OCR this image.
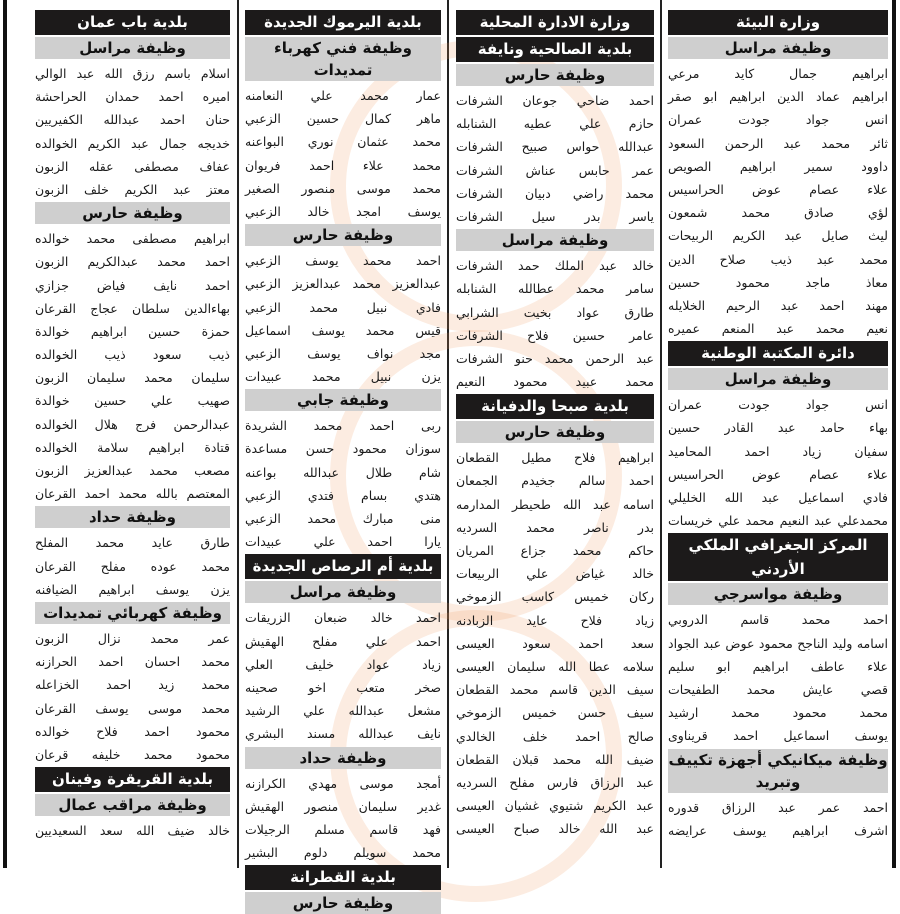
وزارة البيئة
وظيفة مراسل
ابراهيم جمال كايد مرعي
ابراهيم عماد الدين ابراهيم ابو صقر
انس جواد جودت عمران
ثائر محمد عبد الرحمن السعود
داوود سمير ابراهيم الصويص
علاء عصام عوض الحراسيس
لؤي صادق محمد شمعون
ليث صايل عبد الكريم الربيحات
محمد عبد ذيب صلاح الدين
معاذ ماجد محمود حسين
مهند احمد عبد الرحيم الخلايله
نعيم محمد عبد المنعم عميره
دائرة المكتبة الوطنية
وظيفة مراسل
انس جواد جودت عمران
بهاء حامد عبد القادر حسين
سفيان زياد احمد المحاميد
علاء عصام عوض الحراسيس
فادي اسماعيل عبد الله الخليلي
محمدعلي عبد النعيم محمد علي خريسات
المركز الجغرافي الملكي الأردني
وظيفة مواسرجي
احمد محمد قاسم الدروبي
اسامه وليد الناجح محمود عوض عبد الجواد
علاء عاطف ابراهيم ابو سليم
قصي عايش محمد الطفيحات
محمد محمود محمد ارشيد
يوسف اسماعيل احمد قريناوى
وظيفة ميكانيكي أجهزة تكييف وتبريد
احمد عمر عبد الرزاق قدوره
اشرف ابراهيم يوسف عرايضه
وزارة الادارة المحلية
بلدية الصالحية ونايفة
وظيفة حارس
احمد ضاحي جوعان الشرفات
حازم علي عطيه الشنابله
عبدالله حواس صبيح الشرفات
عمر حابس عناش الشرفات
محمد راضي دبيان الشرفات
ياسر بدر سيل الشرفات
وظيفة مراسل
خالد عبد الملك حمد الشرفات
سامر محمد عطالله الشنابله
طارق عواد بخيت الشرابي
عامر حسين فلاح الشرفات
عبد الرحمن محمد حنو الشرفات
محمد عبيد محمود النعيم
بلدية صبحا والدفيانة
وظيفة حارس
ابراهيم فلاح مطيل القطعان
احمد سالم جخيدم الجمعان
اسامه عبد الله طحيطر المدارمه
بدر ناصر محمد السرديه
حاكم محمد جزاع المريان
خالد غياض علي الربيعات
ركان خميس كاسب الزموخي
زياد فلاح عايد الزبادنه
سعد احمد سعود العيسى
سلامه عطا الله سليمان العيسى
سيف الدين قاسم محمد القطعان
سيف حسن خميس الزموخي
صالح احمد خلف الخالدي
ضيف الله محمد قبلان القطعان
عبد الرزاق فارس مفلح السرديه
عبد الكريم شتيوي غشيان العيسى
عبد الله خالد صباح العيسى
بلدية اليرموك الجديدة
وظيفة فني كهرباء تمديدات
عمار محمد علي النعامنه
ماهر كمال حسين الزعبي
محمد عثمان نوري البواعنه
محمد علاء احمد فريوان
محمد موسى منصور الصغير
يوسف امجد خالد الزعبي
وظيفة حارس
احمد محمد يوسف الزعبي
عبدالعزيز محمد عبدالعزيز الزعبي
فادي نبيل محمد الزعبي
قيس محمد يوسف اسماعيل
مجد نواف يوسف الزعبي
يزن نبيل محمد عبيدات
وظيفة جابي
ربى احمد محمد الشريدة
سوزان محمود حسن مساعدة
شام طلال عبدالله بواعنه
هتدي بسام فتدي الزعبي
منى مبارك محمد الزعبي
يارا احمد علي عبيدات
بلدية أم الرصاص الجديدة
وظيفة مراسل
احمد خالد ضبعان الزريقات
احمد علي مفلح الهقيش
زياد عواد خليف العلي
صخر متعب اخو صحينه
مشعل عبدالله علي الرشيد
نايف عبدالله مسند البشري
وظيفة حداد
أمجد موسى مهدي الكرازنه
غدير سليمان منصور الهقيش
فهد قاسم مسلم الرجيلات
محمد سويلم دلوم البشير
بلدية القطرانة
وظيفة حارس
بلدية باب عمان
وظيفة مراسل
اسلام باسم رزق الله عبد الوالي
اميره احمد حمدان الحراحشة
حنان احمد عبدالله الكفيريين
خديجه جمال عبد الكريم الخوالده
عفاف مصطفى عقله الزبون
معتز عبد الكريم خلف الزبون
وظيفة حارس
ابراهيم مصطفى محمد خوالده
احمد محمد عبدالكريم الزبون
احمد نايف فياض جزازي
بهاءالدين سلطان عجاج القرعان
حمزة حسين ابراهيم خوالدة
ذيب سعود ذيب الخوالده
سليمان محمد سليمان الزبون
صهيب علي حسين خوالدة
عبدالرحمن فرج هلال الخوالده
قتادة ابراهيم سلامة الخوالده
مصعب محمد عبدالعزيز الزبون
المعتصم بالله محمد احمد القرعان
وظيفة حداد
طارق عايد محمد المفلح
محمد عوده مفلح القرعان
يزن يوسف ابراهيم الضيافنه
وظيفة كهربائي تمديدات
عمر محمد نزال الزبون
محمد احسان احمد الحرازنه
محمد زيد احمد الخزاعله
محمد موسى يوسف القرعان
محمود احمد فلاح خوالده
محمود محمد خليفه قرعان
بلدية القريقرة وفينان
وظيفة مراقب عمال
خالد ضيف الله سعد السعيديين
